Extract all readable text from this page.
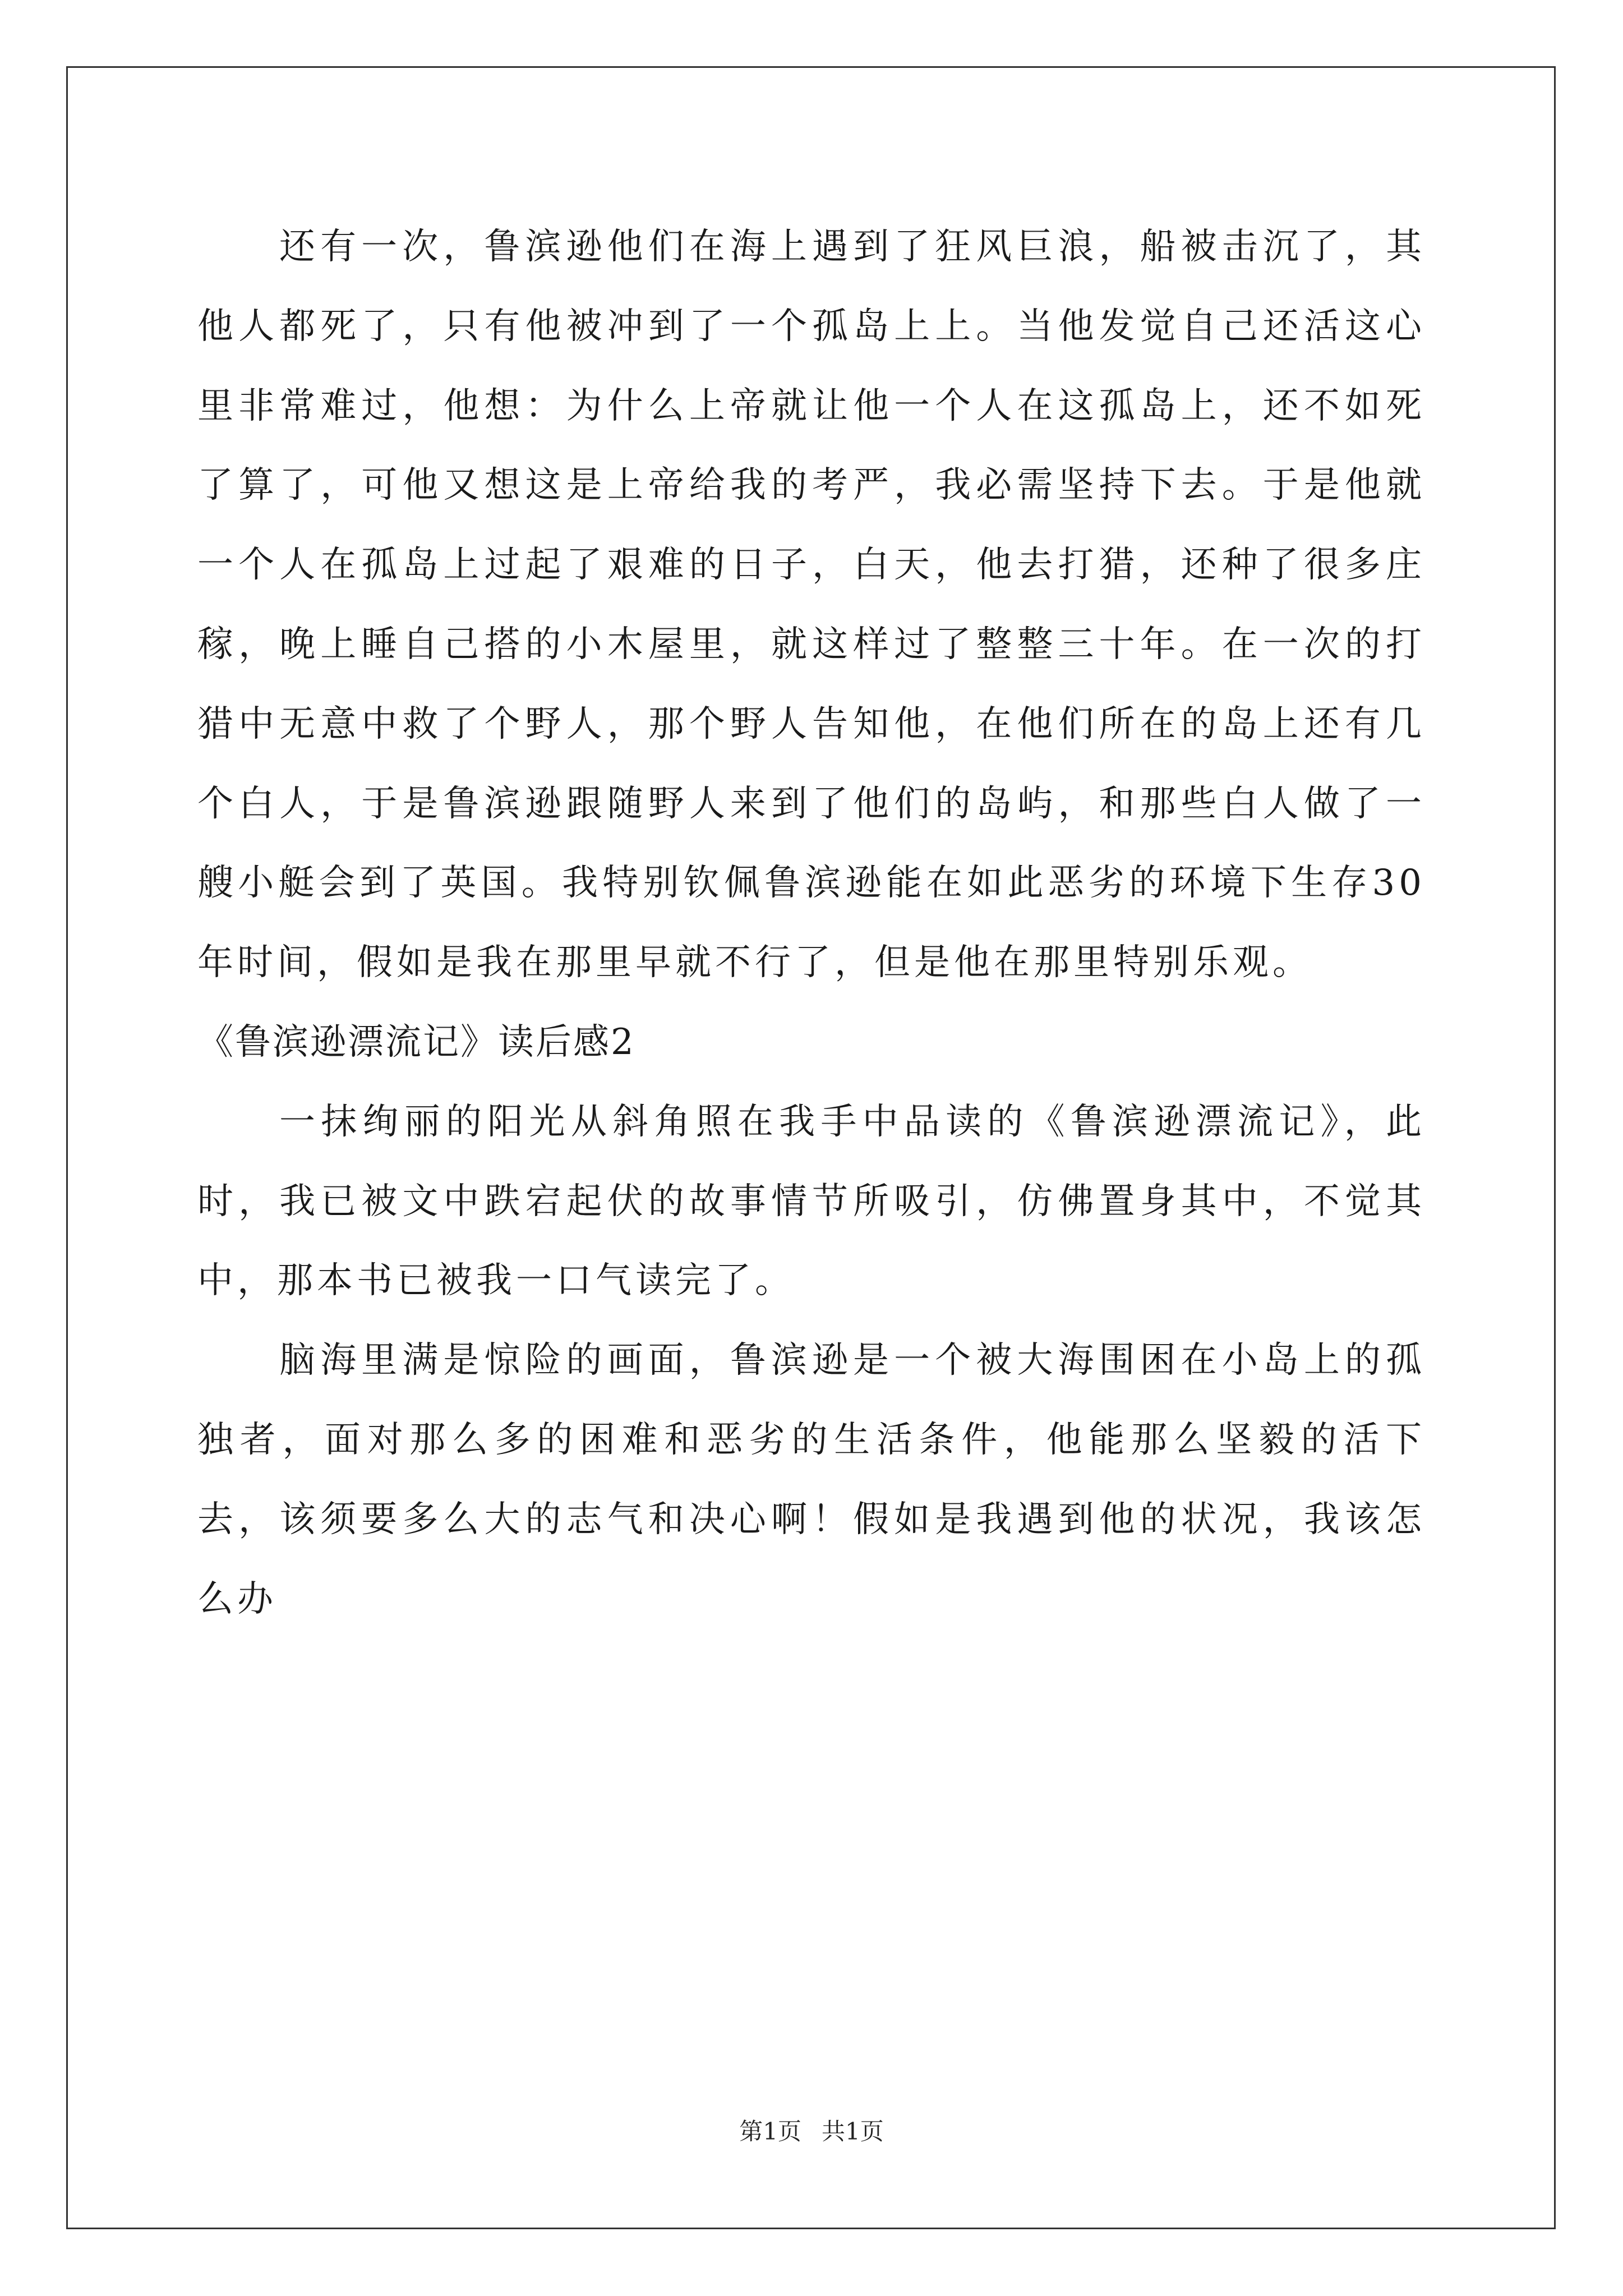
还有一次，鲁滨逊他们在海上遇到了狂风巨浪，船被击沉了，其他人都死了，只有他被冲到了一个孤岛上上。当他发觉自己还活这心里非常难过，他想：为什么上帝就让他一个人在这孤岛上，还不如死了算了，可他又想这是上帝给我的考严，我必需坚持下去。于是他就一个人在孤岛上过起了艰难的日子，白天，他去打猎，还种了很多庄稼，晚上睡自己搭的小木屋里，就这样过了整整三十年。在一次的打猎中无意中救了个野人，那个野人告知他，在他们所在的岛上还有几个白人，于是鲁滨逊跟随野人来到了他们的岛屿，和那些白人做了一艘小艇会到了英国。我特别钦佩鲁滨逊能在如此恶劣的环境下生存30年时间，假如是我在那里早就不行了，但是他在那里特别乐观。

《鲁滨逊漂流记》读后感2

一抹绚丽的阳光从斜角照在我手中品读的《鲁滨逊漂流记》，此时，我已被文中跌宕起伏的故事情节所吸引，仿佛置身其中，不觉其中，那本书已被我一口气读完了。

脑海里满是惊险的画面，鲁滨逊是一个被大海围困在小岛上的孤独者，面对那么多的困难和恶劣的生活条件，他能那么坚毅的活下去，该须要多么大的志气和决心啊！假如是我遇到他的状况，我该怎么办

第1页 共1页
